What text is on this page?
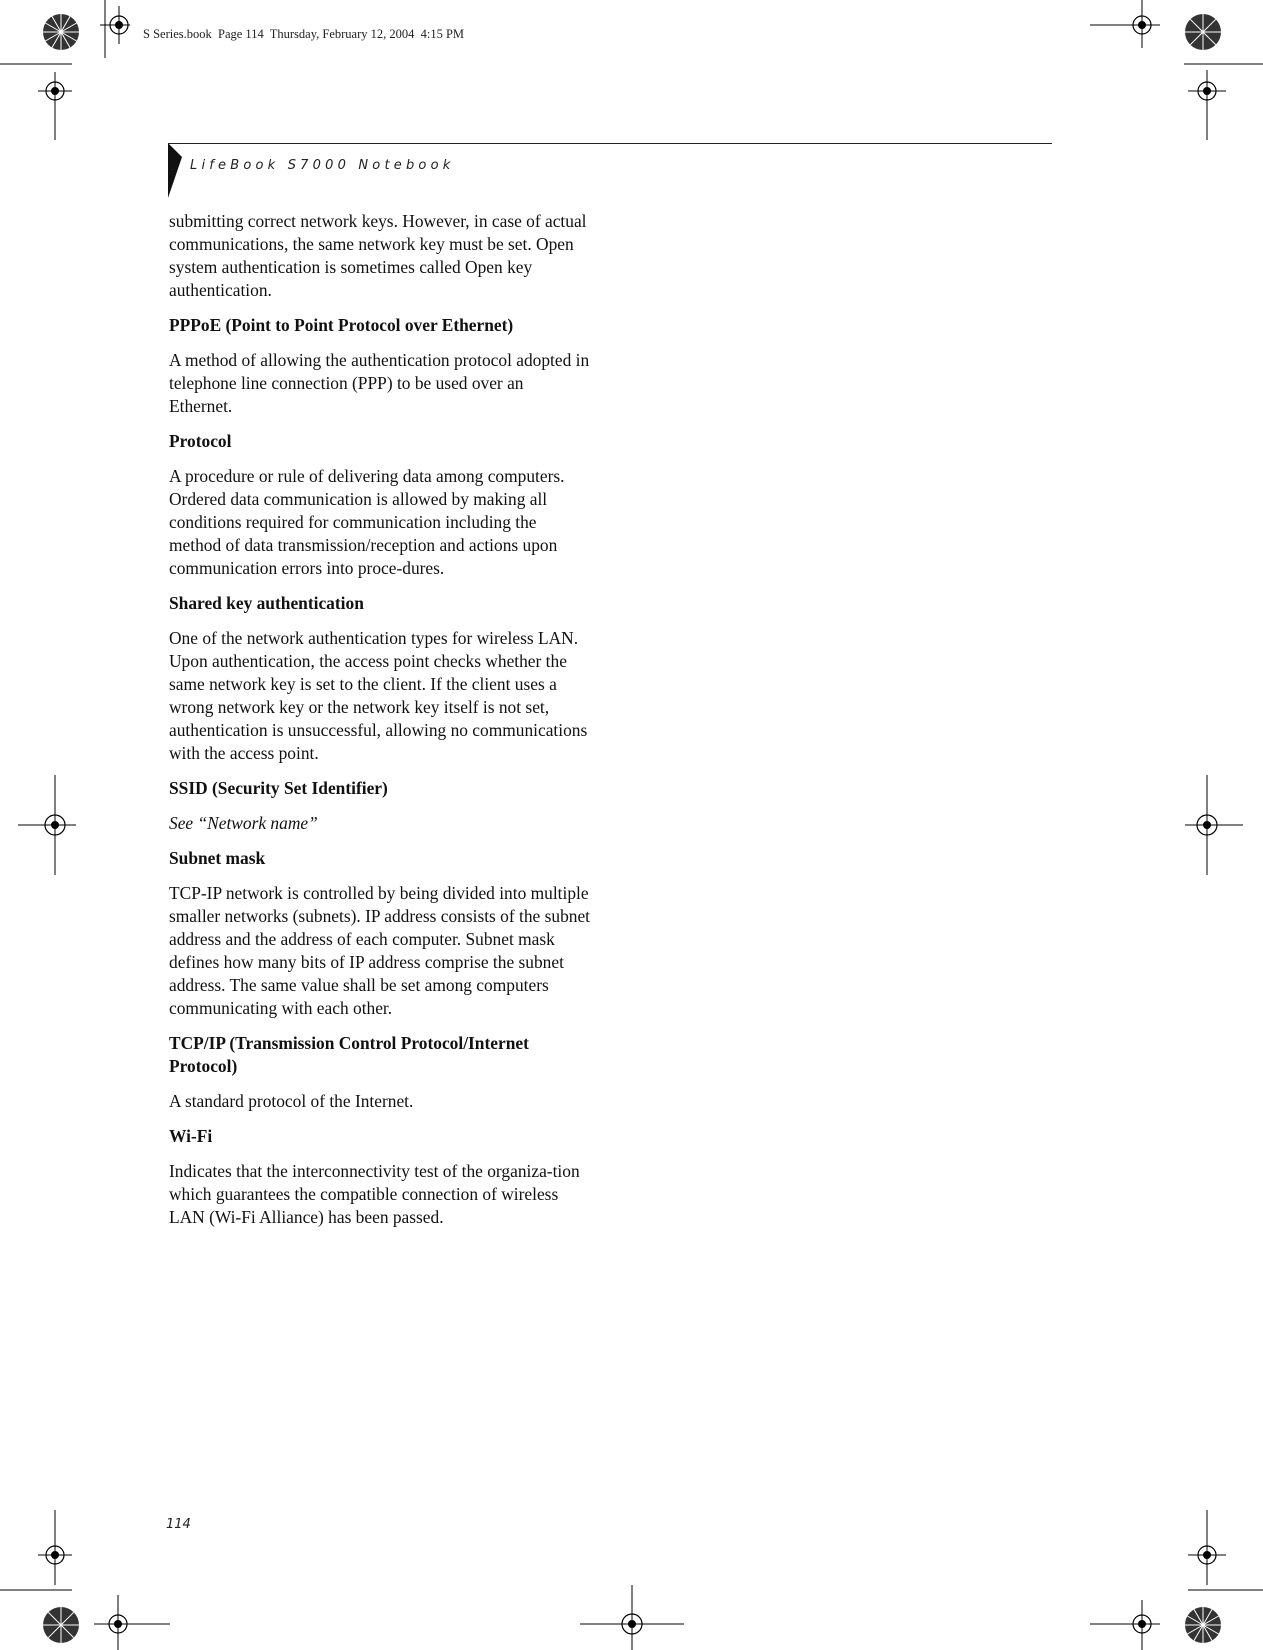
S Series.book  Page 114  Thursday, February 12, 2004  4:15 PM
LifeBook S7000 Notebook

submitting correct network keys. However, in case of actual communications, the same network key must be set. Open system authentication is sometimes called Open key authentication.

PPPoE (Point to Point Protocol over Ethernet)

A method of allowing the authentication protocol adopted in telephone line connection (PPP) to be used over an Ethernet.

Protocol

A procedure or rule of delivering data among computers. Ordered data communication is allowed by making all conditions required for communication including the method of data transmission/reception and actions upon communication errors into proce-dures.

Shared key authentication

One of the network authentication types for wireless LAN. Upon authentication, the access point checks whether the same network key is set to the client. If the client uses a wrong network key or the network key itself is not set, authentication is unsuccessful, allowing no communications with the access point.

SSID (Security Set Identifier)

See “Network name”

Subnet mask

TCP-IP network is controlled by being divided into multiple smaller networks (subnets). IP address consists of the subnet address and the address of each computer. Subnet mask defines how many bits of IP address comprise the subnet address. The same value shall be set among computers communicating with each other.

TCP/IP (Transmission Control Protocol/Internet Protocol)

A standard protocol of the Internet.

Wi-Fi

Indicates that the interconnectivity test of the organiza-tion which guarantees the compatible connection of wireless LAN (Wi-Fi Alliance) has been passed.

114
